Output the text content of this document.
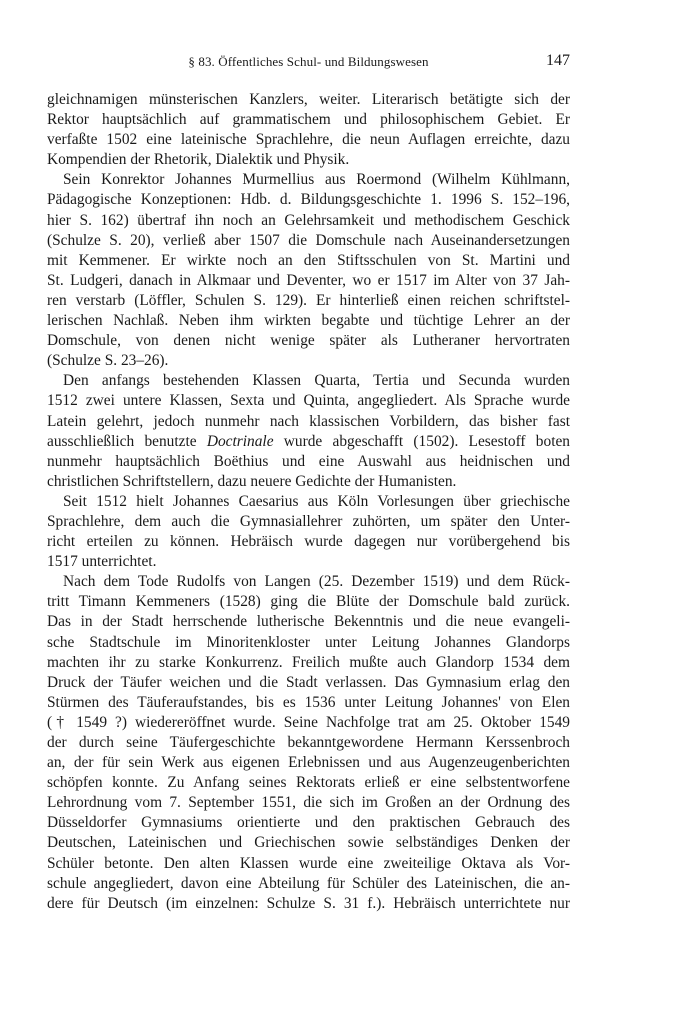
§ 83. Öffentliches Schul- und Bildungswesen	147
gleichnamigen münsterischen Kanzlers, weiter. Literarisch betätigte sich der
Rektor hauptsächlich auf grammatischem und philosophischem Gebiet. Er
verfaßte 1502 eine lateinische Sprachlehre, die neun Auflagen erreichte, dazu
Kompendien der Rhetorik, Dialektik und Physik.
Sein Konrektor Johannes Murmellius aus Roermond (Wilhelm Kühlmann,
Pädagogische Konzeptionen: Hdb. d. Bildungsgeschichte 1. 1996 S. 152–196,
hier S. 162) übertraf ihn noch an Gelehrsamkeit und methodischem Geschick
(Schulze S. 20), verließ aber 1507 die Domschule nach Auseinandersetzungen
mit Kemmener. Er wirkte noch an den Stiftsschulen von St. Martini und
St. Ludgeri, danach in Alkmaar und Deventer, wo er 1517 im Alter von 37 Jah-
ren verstarb (Löffler, Schulen S. 129). Er hinterließ einen reichen schriftstel-
lerischen Nachlaß. Neben ihm wirkten begabte und tüchtige Lehrer an der
Domschule, von denen nicht wenige später als Lutheraner hervortraten
(Schulze S. 23–26).
Den anfangs bestehenden Klassen Quarta, Tertia und Secunda wurden
1512 zwei untere Klassen, Sexta und Quinta, angegliedert. Als Sprache wurde
Latein gelehrt, jedoch nunmehr nach klassischen Vorbildern, das bisher fast
ausschließlich benutzte Doctrinale wurde abgeschafft (1502). Lesestoff boten
nunmehr hauptsächlich Boëthius und eine Auswahl aus heidnischen und
christlichen Schriftstellern, dazu neuere Gedichte der Humanisten.
Seit 1512 hielt Johannes Caesarius aus Köln Vorlesungen über griechische
Sprachlehre, dem auch die Gymnasiallehrer zuhörten, um später den Unter-
richt erteilen zu können. Hebräisch wurde dagegen nur vorübergehend bis
1517 unterrichtet.
Nach dem Tode Rudolfs von Langen (25. Dezember 1519) und dem Rück-
tritt Timann Kemmeners (1528) ging die Blüte der Domschule bald zurück.
Das in der Stadt herrschende lutherische Bekenntnis und die neue evangeli-
sche Stadtschule im Minoritenkloster unter Leitung Johannes Glandorps
machten ihr zu starke Konkurrenz. Freilich mußte auch Glandorp 1534 dem
Druck der Täufer weichen und die Stadt verlassen. Das Gymnasium erlag den
Stürmen des Täuferaufstandes, bis es 1536 unter Leitung Johannes' von Elen
(† 1549 ?) wiedereröffnet wurde. Seine Nachfolge trat am 25. Oktober 1549
der durch seine Täufergeschichte bekanntgewordene Hermann Kerssenbroch
an, der für sein Werk aus eigenen Erlebnissen und aus Augenzeugenberichten
schöpfen konnte. Zu Anfang seines Rektorats erließ er eine selbstentworfene
Lehrordnung vom 7. September 1551, die sich im Großen an der Ordnung des
Düsseldorfer Gymnasiums orientierte und den praktischen Gebrauch des
Deutschen, Lateinischen und Griechischen sowie selbständiges Denken der
Schüler betonte. Den alten Klassen wurde eine zweiteilige Oktava als Vor-
schule angegliedert, davon eine Abteilung für Schüler des Lateinischen, die an-
dere für Deutsch (im einzelnen: Schulze S. 31 f.). Hebräisch unterrichtete nur
